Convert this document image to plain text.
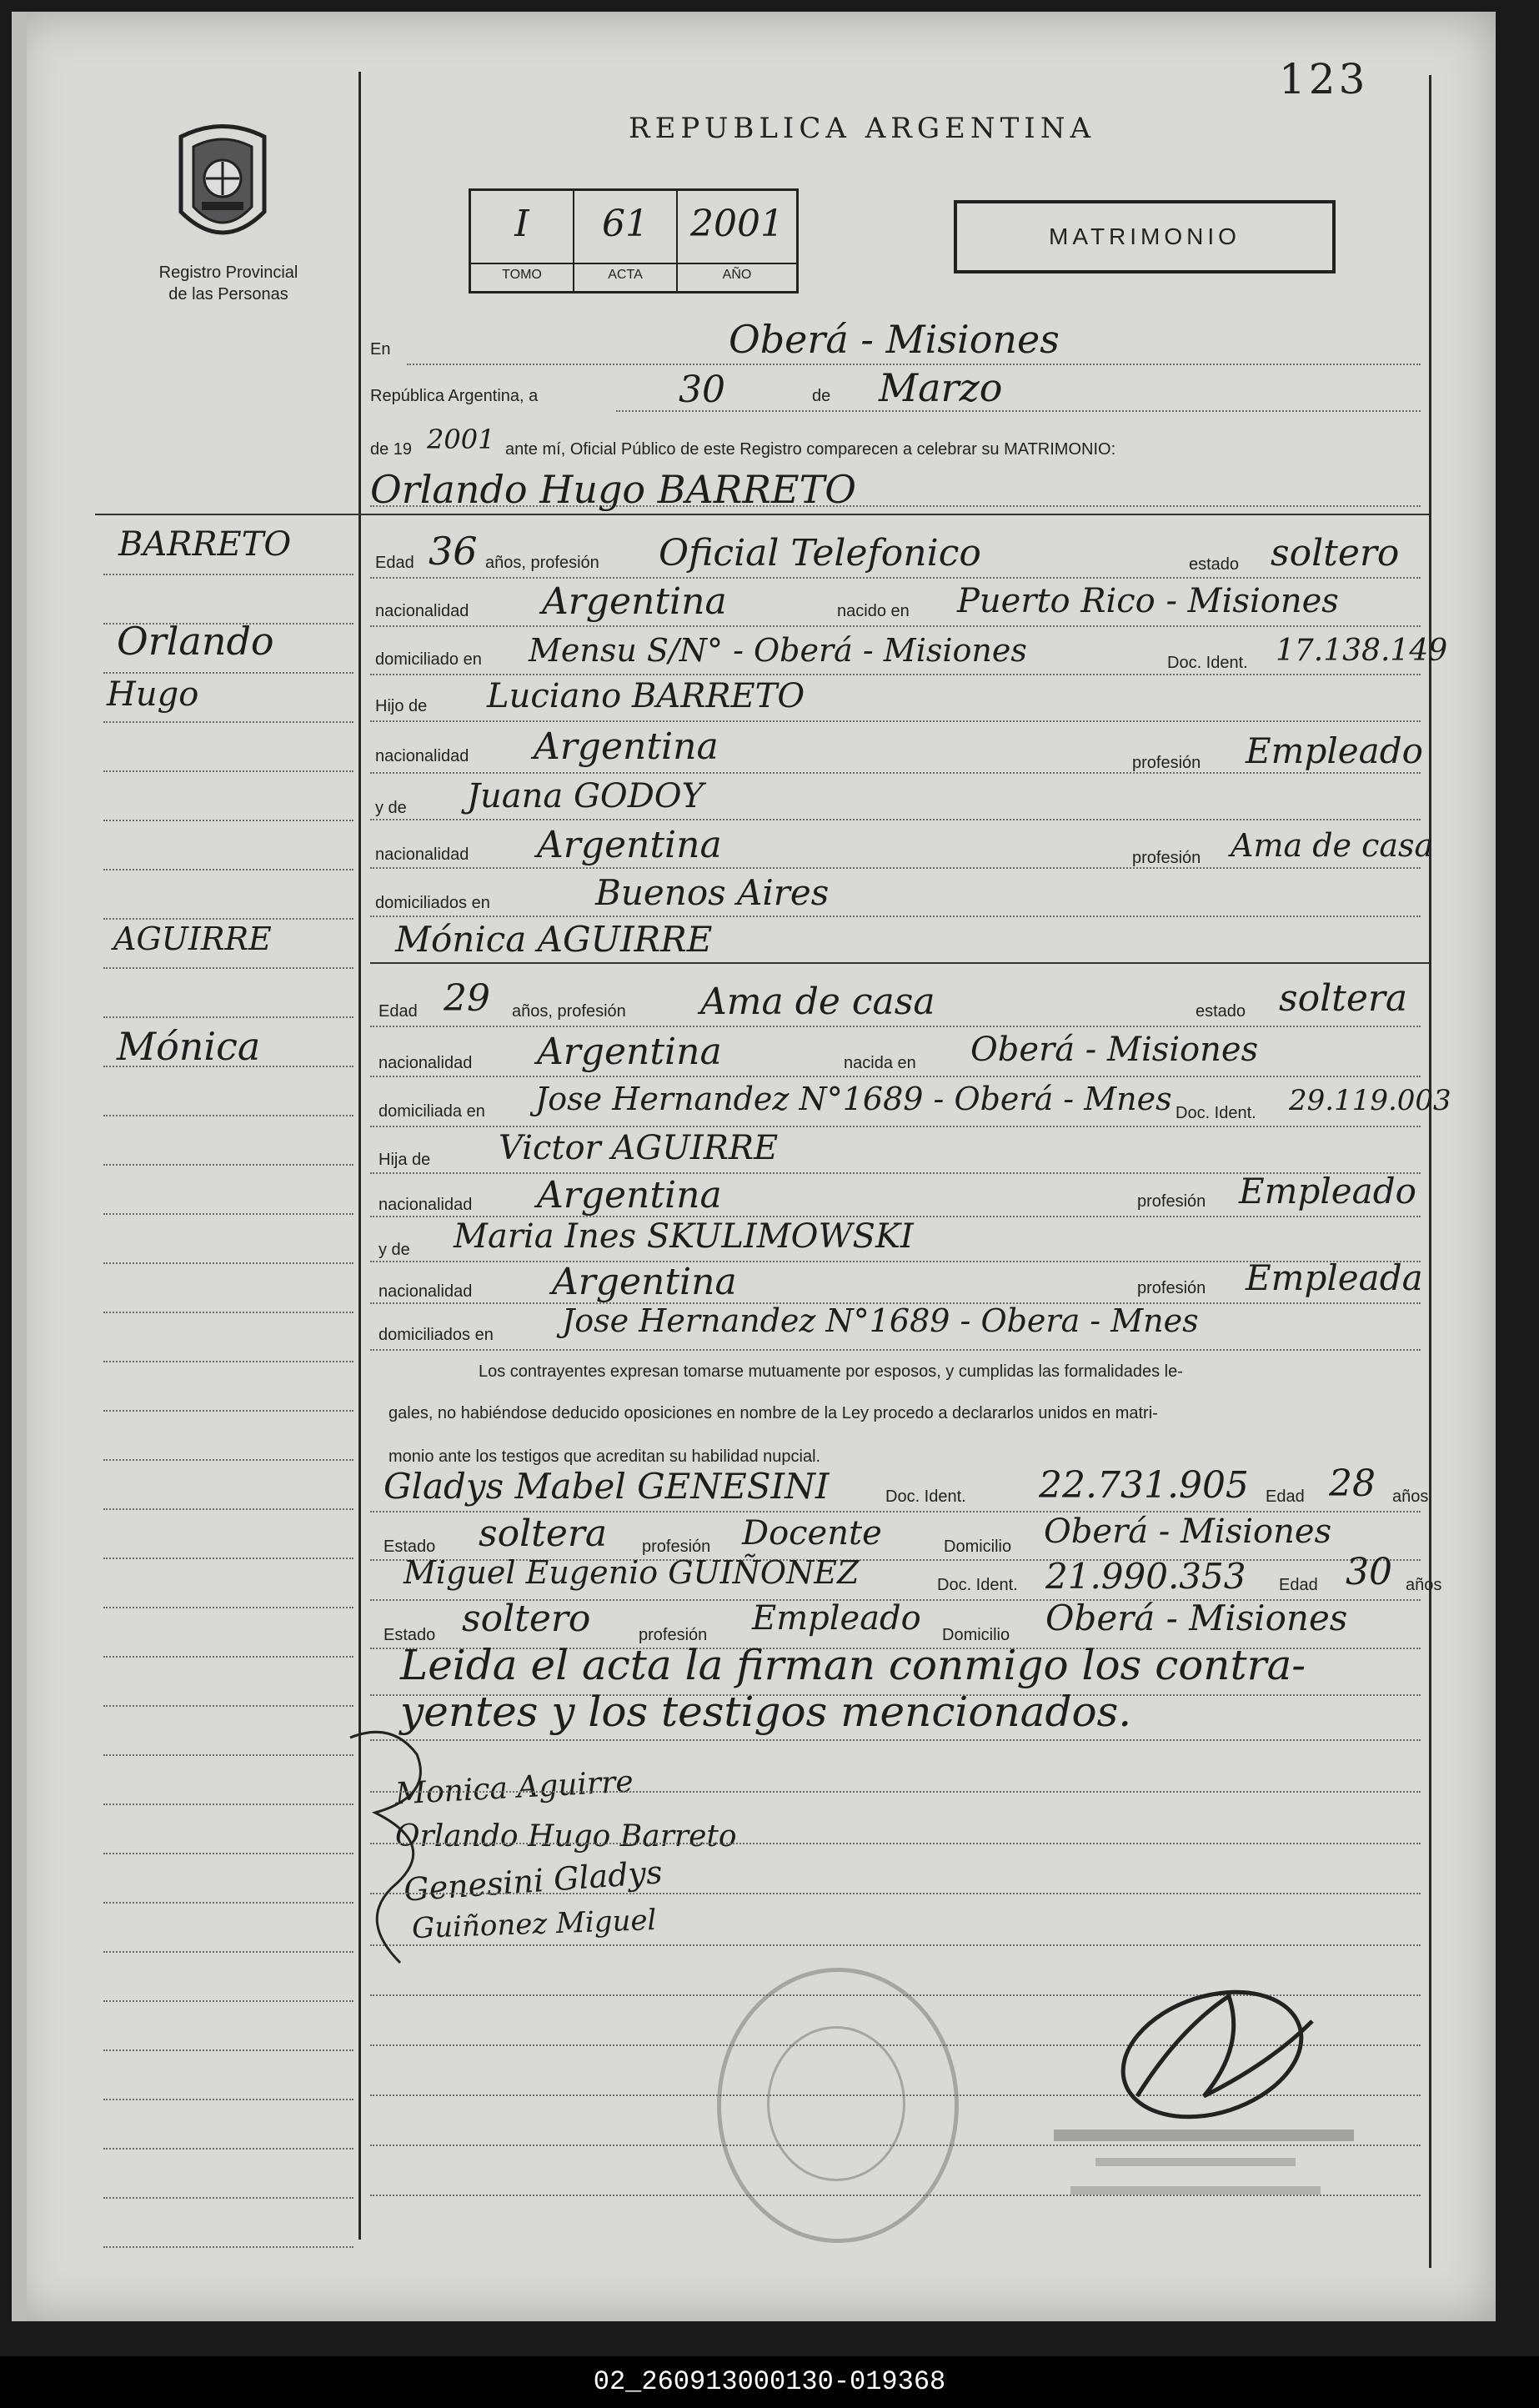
123
Registro Provincial
de las Personas
REPUBLICA ARGENTINA
I	61	2001
TOMO	ACTA	AÑO
MATRIMONIO
En	Oberá - Misiones
República Argentina, a	30	de Marzo
de 19 2001 ante mí, Oficial Público de este Registro comparecen a celebrar su MATRIMONIO:
Orlando Hugo BARRETO
Edad 36 años, profesión Oficial Telefonico	estado soltero
nacionalidad Argentina	nacido en Puerto Rico - Misiones
domiciliado en Mensu S/N° - Oberá - Misiones	Doc. Ident. 17.138.149
Hijo de Luciano BARRETO
nacionalidad Argentina	profesión Empleado
y de Juana GODOY
nacionalidad Argentina	profesión Ama de casa
domiciliados en	Buenos Aires
Mónica AGUIRRE
Edad 29 años, profesión Ama de casa	estado soltera
nacionalidad Argentina	nacida en Oberá - Misiones
domiciliada en Jose Hernandez N°1689 - Oberá - Mnes Doc. Ident. 29.119.003
Hija de Victor AGUIRRE
nacionalidad Argentina	profesión Empleado
y de Maria Ines SKULIMOWSKI
nacionalidad Argentina	profesión Empleada
domiciliados en Jose Hernandez N°1689 - Obera - Mnes
Los contrayentes expresan tomarse mutuamente por esposos, y cumplidas las formalidades le-
gales, no habiéndose deducido oposiciones en nombre de la Ley procedo a declararlos unidos en matri-
monio ante los testigos que acreditan su habilidad nupcial.
Gladys Mabel GENESINI	Doc. Ident. 22.731.905 Edad 28 años
Estado soltera profesión Docente	Domicilio Oberá - Misiones
Miguel Eugenio GUIÑONEZ	Doc. Ident. 21.990.353 Edad 30 años
Estado soltero	profesión Empleado Domicilio Oberá - Misiones
Leida el acta la firman conmigo los contra-
yentes y los testigos mencionados.
Monica Aguirre
Orlando Hugo Barreto
Genesini Gladys
Guiñonez Miguel
BARRETO
Orlando
Hugo
AGUIRRE
Mónica
02_260913000130-019368
